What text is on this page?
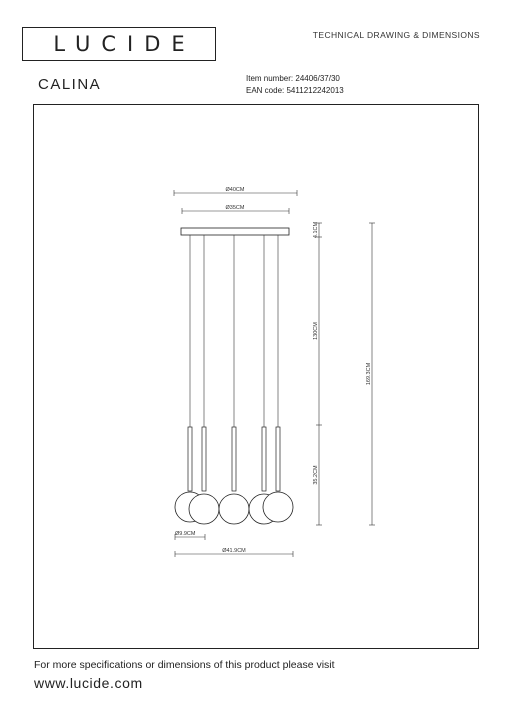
LUCIDE	TECHNICAL DRAWING & DIMENSIONS
CALINA	Item number: 24406/37/30
EAN code: 5411212242013
Ø40CM
Ø35CM
4.1CM
130CM
35.2CM
169.3CM
Ø9.9CM
Ø41.9CM
For more specifications or dimensions of this product please visit
www.lucide.com
